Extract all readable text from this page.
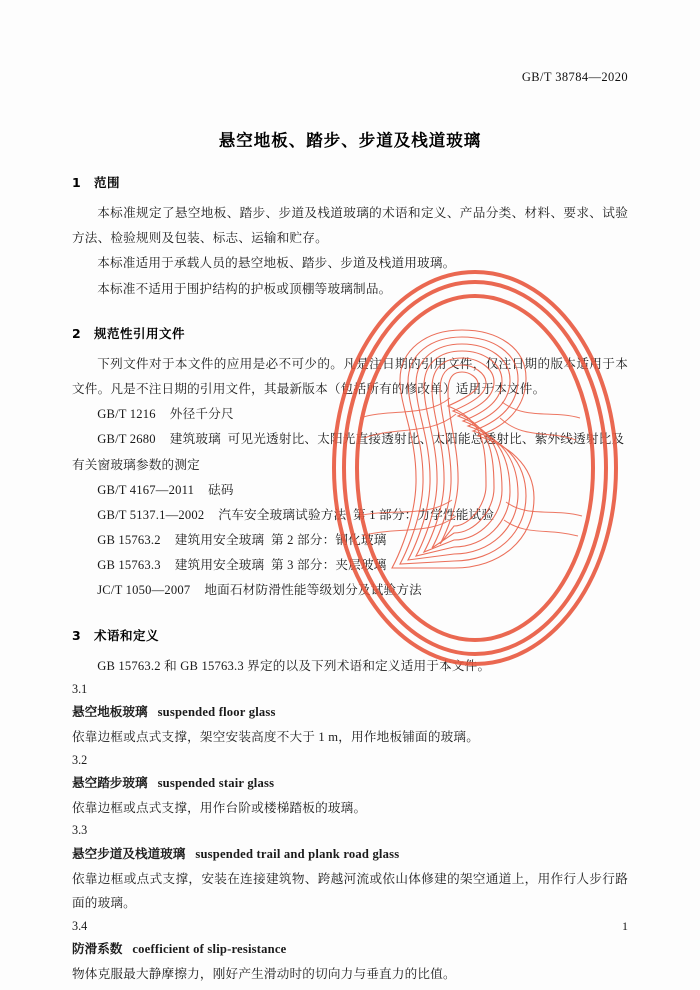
GB/T 38784—2020
悬空地板、踏步、步道及栈道玻璃
1 范围

本标准规定了悬空地板、踏步、步道及栈道玻璃的术语和定义、产品分类、材料、要求、试验方法、检验规则及包装、标志、运输和贮存。

本标准适用于承载人员的悬空地板、踏步、步道及栈道用玻璃。

本标准不适用于围护结构的护板或顶棚等玻璃制品。

2 规范性引用文件

下列文件对于本文件的应用是必不可少的。凡是注日期的引用文件，仅注日期的版本适用于本文件。凡是不注日期的引用文件，其最新版本（包括所有的修改单）适用于本文件。

GB/T 1216 外径千分尺

GB/T 2680 建筑玻璃  可见光透射比、太阳光直接透射比、太阳能总透射比、紫外线透射比及有关窗玻璃参数的测定

GB/T 4167—2011 砝码

GB/T 5137.1—2002 汽车安全玻璃试验方法  第 1 部分：力学性能试验

GB 15763.2 建筑用安全玻璃  第 2 部分：钢化玻璃

GB 15763.3 建筑用安全玻璃  第 3 部分：夹层玻璃

JC/T 1050—2007 地面石材防滑性能等级划分及试验方法

3 术语和定义

GB 15763.2 和 GB 15763.3 界定的以及下列术语和定义适用于本文件。

3.1

悬空地板玻璃 suspended floor glass

依靠边框或点式支撑，架空安装高度不大于 1 m，用作地板铺面的玻璃。

3.2

悬空踏步玻璃 suspended stair glass

依靠边框或点式支撑，用作台阶或楼梯踏板的玻璃。

3.3

悬空步道及栈道玻璃 suspended trail and plank road glass

依靠边框或点式支撑，安装在连接建筑物、跨越河流或依山体修建的架空通道上，用作行人步行路面的玻璃。

3.4

防滑系数 coefficient of slip-resistance

物体克服最大静摩擦力，刚好产生滑动时的切向力与垂直力的比值。

1
